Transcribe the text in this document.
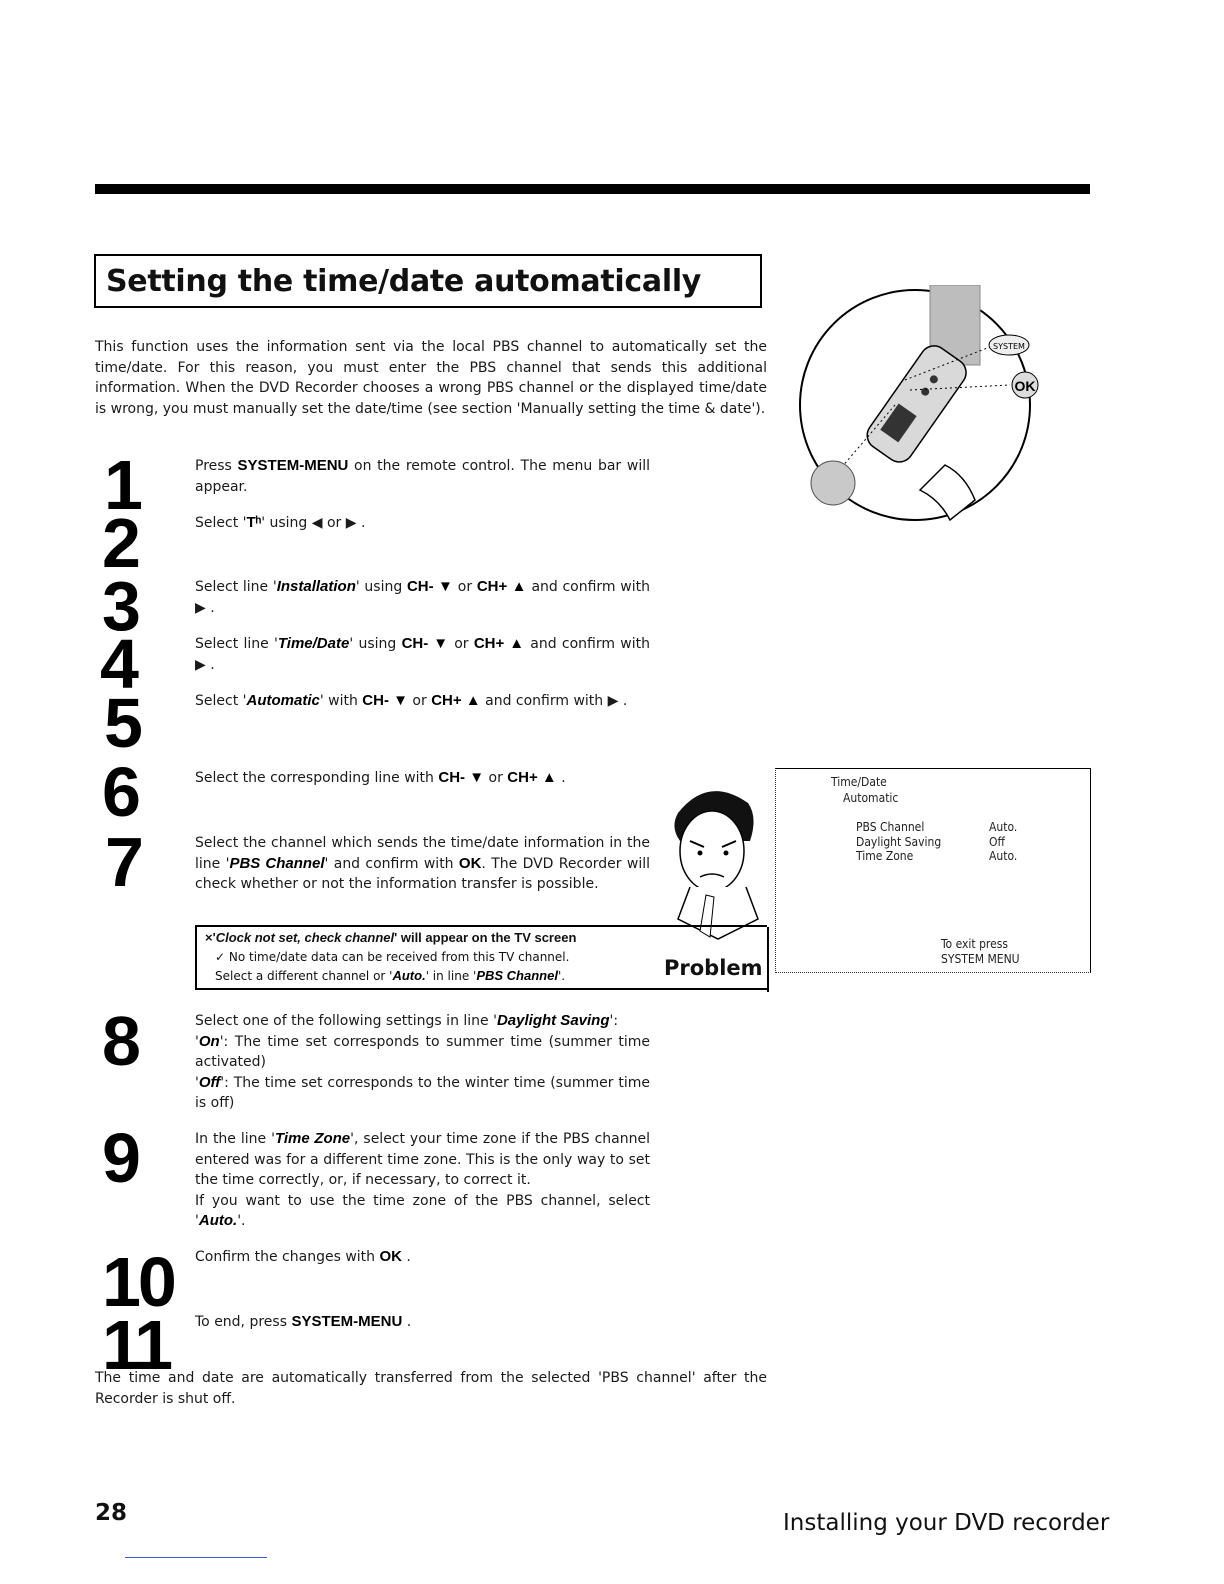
Setting the time/date automatically
This function uses the information sent via the local PBS channel to automatically set the time/date. For this reason, you must enter the PBS channel that sends this additional information. When the DVD Recorder chooses a wrong PBS channel or the displayed time/date is wrong, you must manually set the date/time (see section 'Manually setting the time & date').
SYSTEM
OK
1
2
3
4
5
6
7
8
9
10
11
Press SYSTEM-MENU on the remote control. The menu bar will appear.
Select 'Tʰ' using ◀ or ▶ .
Select line 'Installation' using CH- ▼ or CH+ ▲ and confirm with ▶ .
Select line 'Time/Date' using CH- ▼ or CH+ ▲ and confirm with ▶ .
Select 'Automatic' with CH- ▼ or CH+ ▲ and confirm with ▶ .
Select the corresponding line with CH- ▼ or CH+ ▲ .
Select the channel which sends the time/date information in the line 'PBS Channel' and confirm with OK. The DVD Recorder will check whether or not the information transfer is possible.
×'Clock not set, check channel' will appear on the TV screen
✓ No time/date data can be received from this TV channel.
Select a different channel or 'Auto.' in line 'PBS Channel'.	Problem
Time/Date
Automatic
PBS Channel	Auto.
Daylight Saving	Off
Time Zone	Auto.
To exit press
SYSTEM MENU
Select one of the following settings in line 'Daylight Saving':
'On': The time set corresponds to summer time (summer time activated)
'Off': The time set corresponds to the winter time (summer time is off)
In the line 'Time Zone', select your time zone if the PBS channel entered was for a different time zone. This is the only way to set the time correctly, or, if necessary, to correct it.
If you want to use the time zone of the PBS channel, select 'Auto.'.
Confirm the changes with OK .
To end, press SYSTEM-MENU .
The time and date are automatically transferred from the selected 'PBS channel' after the Recorder is shut off.
28	Installing your DVD recorder
